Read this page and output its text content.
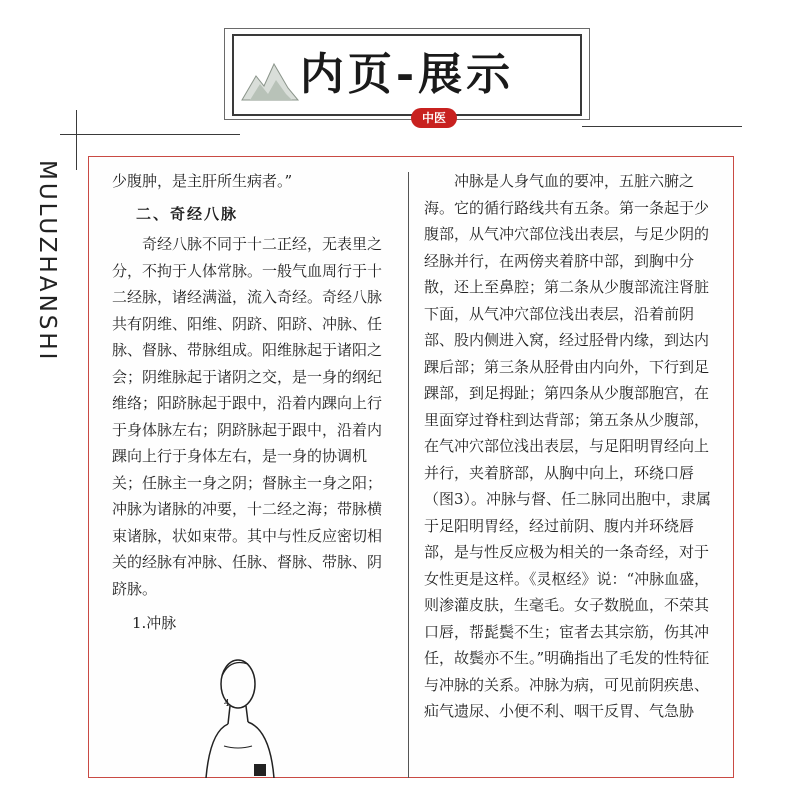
内页-展示
中医
MULUZHANSHI	少腹肿，是主肝所生病者。”

二、奇经八脉

奇经八脉不同于十二正经，无表里之分，不拘于人体常脉。一般气血周行于十二经脉，诸经满溢，流入奇经。奇经八脉共有阴维、阳维、阴跻、阳跻、冲脉、任脉、督脉、带脉组成。阳维脉起于诸阳之会；阴维脉起于诸阴之交，是一身的纲纪维络；阳跻脉起于跟中，沿着内踝向上行于身体脉左右；阴跻脉起于跟中，沿着内踝向上行于身体左右，是一身的协调机关；任脉主一身之阴；督脉主一身之阳；冲脉为诸脉的冲要，十二经之海；带脉横束诸脉，状如束带。其中与性反应密切相关的经脉有冲脉、任脉、督脉、带脉、阴跻脉。

1.冲脉

4

冲脉是人身气血的要冲，五脏六腑之海。它的循行路线共有五条。第一条起于少腹部，从气冲穴部位浅出表层，与足少阴的经脉并行，在两傍夹着脐中部，到胸中分散，还上至鼻腔；第二条从少腹部流注肾脏下面，从气冲穴部位浅出表层，沿着前阴部、股内侧进入窝，经过胫骨内缘，到达内踝后部；第三条从胫骨由内向外，下行到足踝部，到足拇趾；第四条从少腹部胞宫，在里面穿过脊柱到达背部；第五条从少腹部，在气冲穴部位浅出表层，与足阳明胃经向上并行，夹着脐部，从胸中向上，环绕口唇（图3）。冲脉与督、任二脉同出胞中，隶属于足阳明胃经，经过前阴、腹内并环绕唇部，是与性反应极为相关的一条奇经，对于女性更是这样。《灵枢经》说：“冲脉血盛，则渗灌皮肤，生毫毛。女子数脱血，不荣其口唇，帮髭鬓不生；宦者去其宗筋，伤其冲任，故鬓亦不生。”明确指出了毛发的性特征与冲脉的关系。冲脉为病，可见前阴疾患、疝气遗尿、小便不利、咽干反胃、气急胁
